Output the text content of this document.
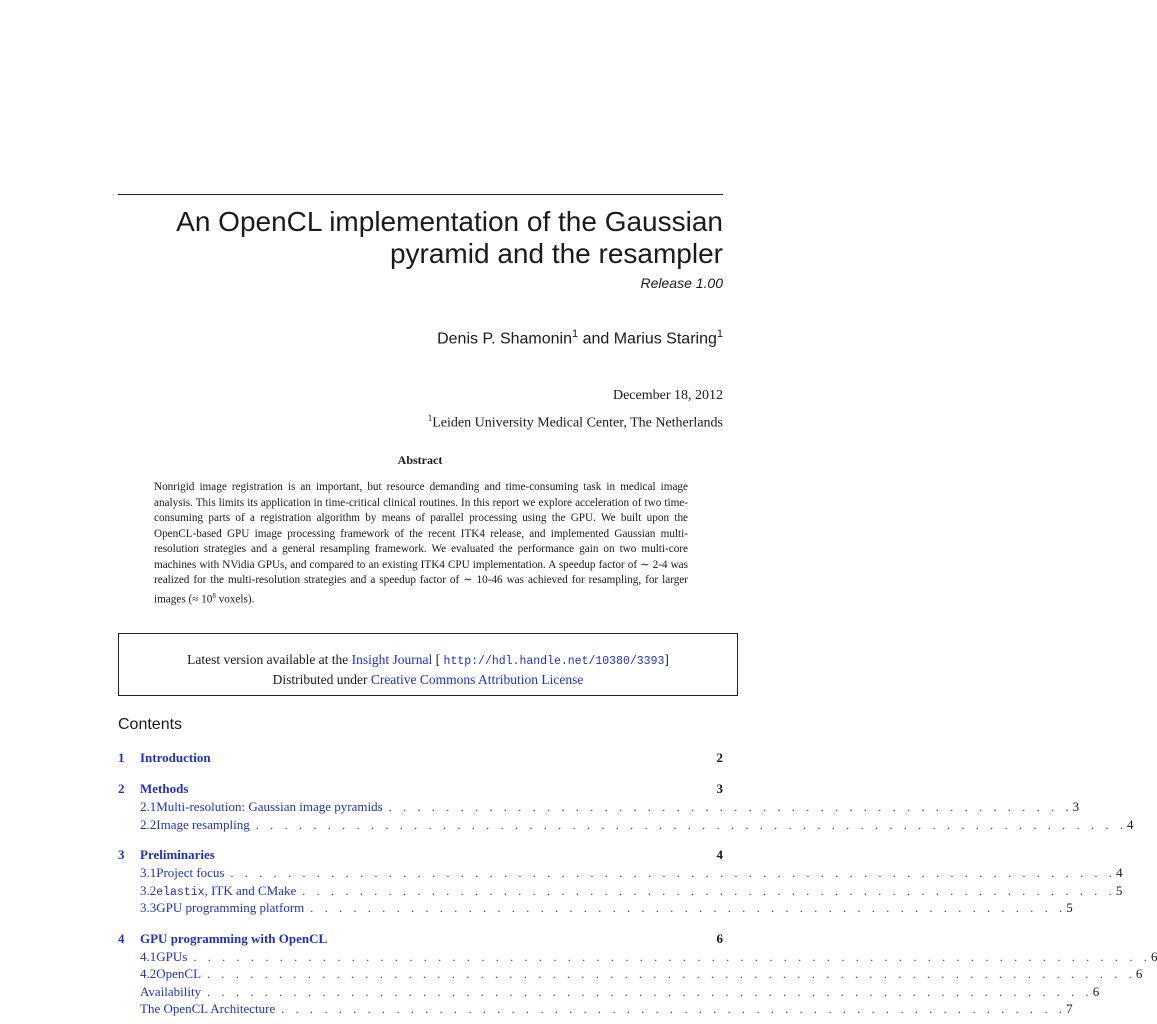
An OpenCL implementation of the Gaussian
pyramid and the resampler
Release 1.00
Denis P. Shamonin$^1$ and Marius Staring$^1$
December 18, 2012
$^1$Leiden University Medical Center, The Netherlands
Abstract
Nonrigid image registration is an important, but resource demanding and time-consuming task in medical image analysis. This limits its application in time-critical clinical routines. In this report we explore acceleration of two time-consuming parts of a registration algorithm by means of parallel processing using the GPU. We built upon the OpenCL-based GPU image processing framework of the recent ITK4 release, and implemented Gaussian multi-resolution strategies and a general resampling framework. We evaluated the performance gain on two multi-core machines with NVidia GPUs, and compared to an existing ITK4 CPU implementation. A speedup factor of ∼ 2-4 was realized for the multi-resolution strategies and a speedup factor of ∼ 10-46 was achieved for resampling, for larger images (≈ $10^8$ voxels).
Latest version available at the Insight Journal [ http://hdl.handle.net/10380/3393]
Distributed under Creative Commons Attribution License
Contents
1	Introduction	2
2	Methods	3
2.1 Multi-resolution: Gaussian image pyramids . . . . . . . . . . . . . . . . . . . . . . . . . . . . . . . . . . . . . . . . . . . . . . . . 3
2.2 Image resampling . . . . . . . . . . . . . . . . . . . . . . . . . . . . . . . . . . . . . . . . . . . . . . . . . . . . . . . . . . . . . 4
3	Preliminaries	4
3.1 Project focus . . . . . . . . . . . . . . . . . . . . . . . . . . . . . . . . . . . . . . . . . . . . . . . . . . . . . . . . . . . . . . 4
3.2 elastix, ITK and CMake . . . . . . . . . . . . . . . . . . . . . . . . . . . . . . . . . . . . . . . . . . . . . . . . . . . . . . . . . 5
3.3 GPU programming platform . . . . . . . . . . . . . . . . . . . . . . . . . . . . . . . . . . . . . . . . . . . . . . . . . . . . . 5
4	GPU programming with OpenCL	6
4.1 GPUs . . . . . . . . . . . . . . . . . . . . . . . . . . . . . . . . . . . . . . . . . . . . . . . . . . . . . . . . . . . . . . . . . . . 6
4.2 OpenCL . . . . . . . . . . . . . . . . . . . . . . . . . . . . . . . . . . . . . . . . . . . . . . . . . . . . . . . . . . . . . . . . . 6
Availability . . . . . . . . . . . . . . . . . . . . . . . . . . . . . . . . . . . . . . . . . . . . . . . . . . . . . . . . . . . . . . 6
The OpenCL Architecture . . . . . . . . . . . . . . . . . . . . . . . . . . . . . . . . . . . . . . . . . . . . . . . . . . . . . . . 7
